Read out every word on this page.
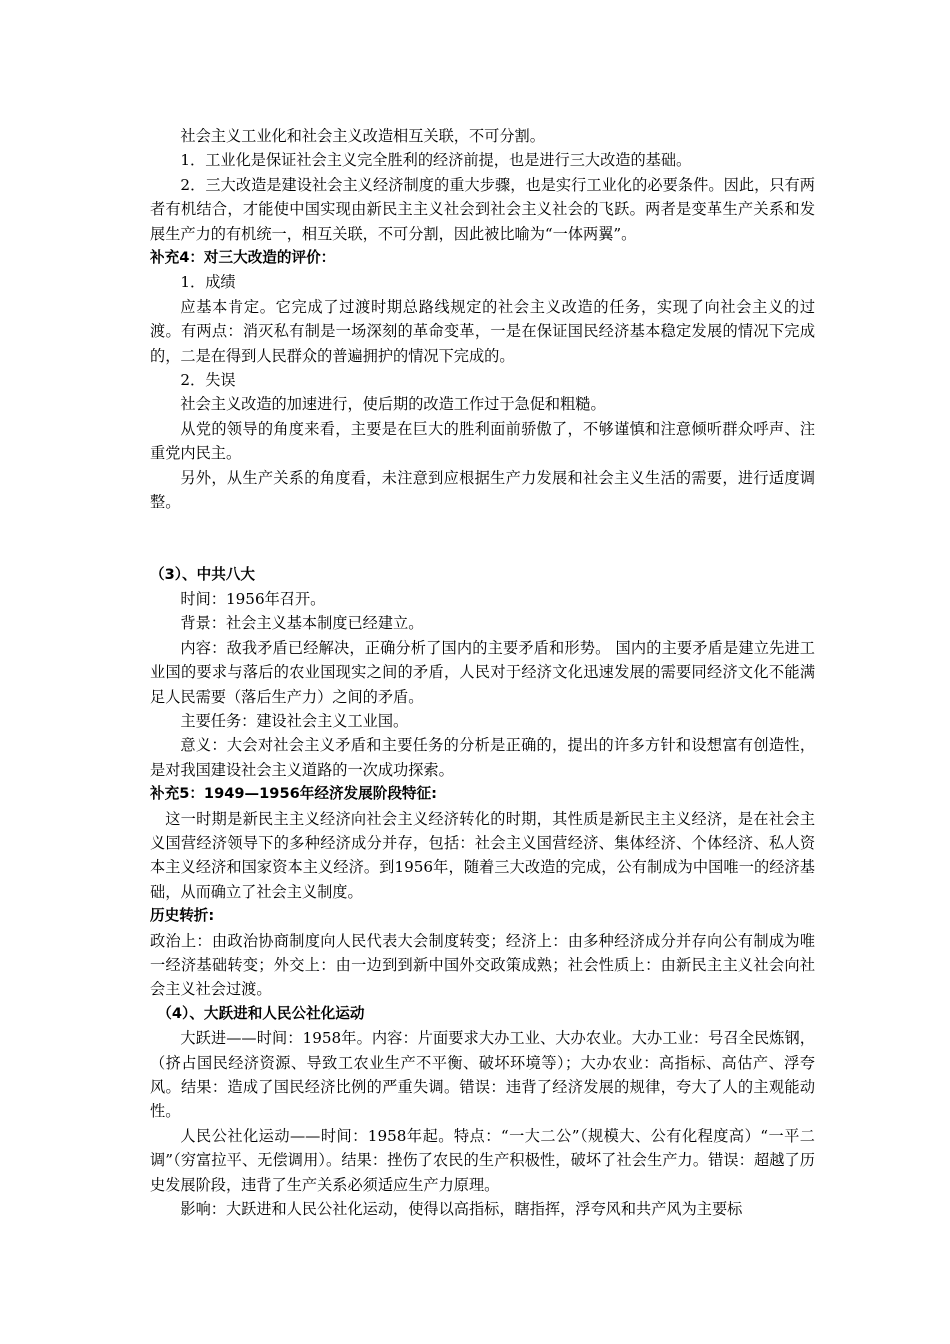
社会主义工业化和社会主义改造相互关联，不可分割。

1．工业化是保证社会主义完全胜利的经济前提，也是进行三大改造的基础。

2．三大改造是建设社会主义经济制度的重大步骤，也是实行工业化的必要条件。因此，只有两者有机结合，才能使中国实现由新民主主义社会到社会主义社会的飞跃。两者是变革生产关系和发展生产力的有机统一，相互关联，不可分割，因此被比喻为“一体两翼”。

补充4：对三大改造的评价：

1．成绩

应基本肯定。它完成了过渡时期总路线规定的社会主义改造的任务，实现了向社会主义的过渡。有两点：消灭私有制是一场深刻的革命变革，一是在保证国民经济基本稳定发展的情况下完成的，二是在得到人民群众的普遍拥护的情况下完成的。

2．失误

社会主义改造的加速进行，使后期的改造工作过于急促和粗糙。

从党的领导的角度来看，主要是在巨大的胜利面前骄傲了，不够谨慎和注意倾听群众呼声、注重党内民主。

另外，从生产关系的角度看，未注意到应根据生产力发展和社会主义生活的需要，进行适度调整。

（3）、中共八大

时间：1956年召开。

背景：社会主义基本制度已经建立。

内容：敌我矛盾已经解决，正确分析了国内的主要矛盾和形势。 国内的主要矛盾是建立先进工业国的要求与落后的农业国现实之间的矛盾，人民对于经济文化迅速发展的需要同经济文化不能满足人民需要（落后生产力）之间的矛盾。

主要任务：建设社会主义工业国。

意义：大会对社会主义矛盾和主要任务的分析是正确的，提出的许多方针和设想富有创造性，是对我国建设社会主义道路的一次成功探索。

补充5：1949—1956年经济发展阶段特征:

这一时期是新民主主义经济向社会主义经济转化的时期，其性质是新民主主义经济，是在社会主义国营经济领导下的多种经济成分并存，包括：社会主义国营经济、集体经济、个体经济、私人资本主义经济和国家资本主义经济。到1956年，随着三大改造的完成，公有制成为中国唯一的经济基础，从而确立了社会主义制度。

历史转折:

政治上：由政治协商制度向人民代表大会制度转变；经济上：由多种经济成分并存向公有制成为唯一经济基础转变；外交上：由一边到到新中国外交政策成熟；社会性质上：由新民主主义社会向社会主义社会过渡。

（4）、大跃进和人民公社化运动

大跃进——时间：1958年。内容：片面要求大办工业、大办农业。大办工业：号召全民炼钢，（挤占国民经济资源、导致工农业生产不平衡、破坏环境等）；大办农业：高指标、高估产、浮夸风。结果：造成了国民经济比例的严重失调。错误：违背了经济发展的规律，夸大了人的主观能动性。

人民公社化运动——时间：1958年起。特点：“一大二公”（规模大、公有化程度高）“一平二调”（穷富拉平、无偿调用）。结果：挫伤了农民的生产积极性，破坏了社会生产力。错误：超越了历史发展阶段，违背了生产关系必须适应生产力原理。

影响：大跃进和人民公社化运动，使得以高指标，瞎指挥，浮夸风和共产风为主要标
